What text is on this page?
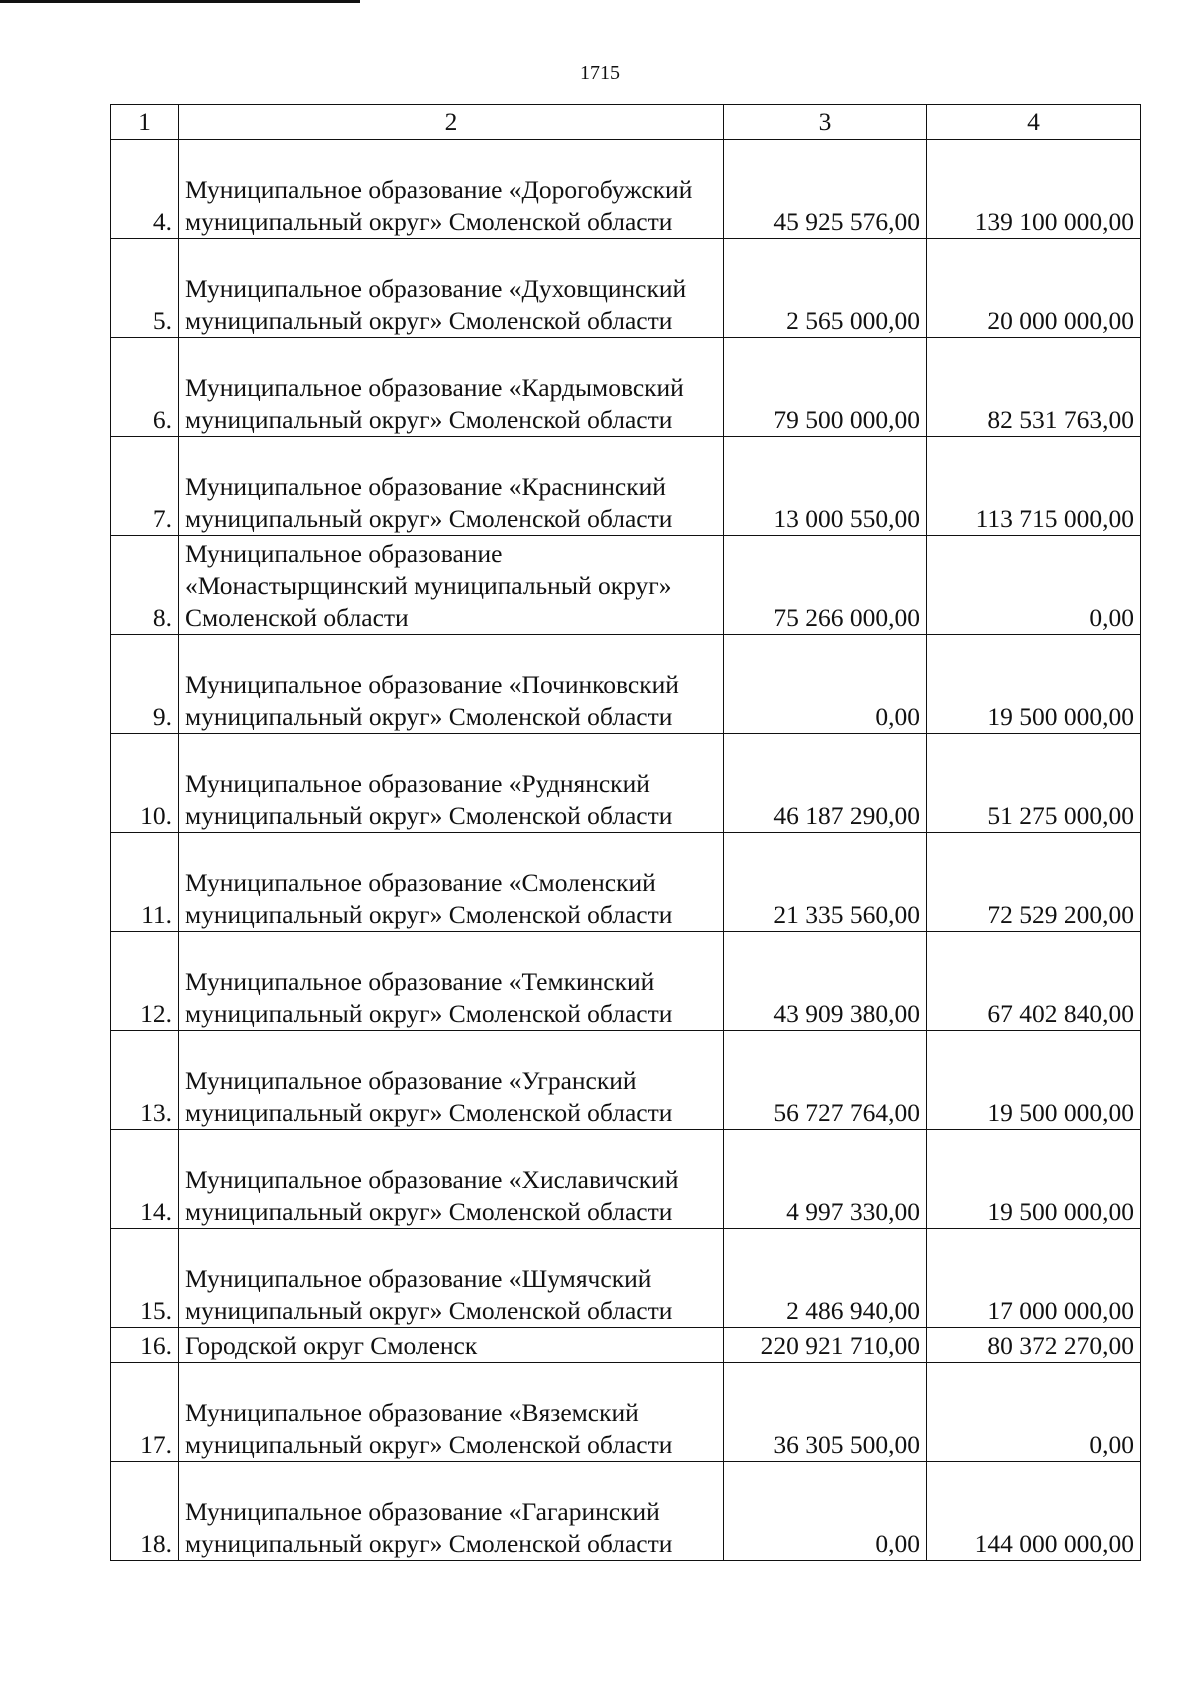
1715
1	2	3	4
4.	Муниципальное образование «Дорогобужский муниципальный округ» Смоленской области	45 925 576,00	139 100 000,00
5.	Муниципальное образование «Духовщинский муниципальный округ» Смоленской области	2 565 000,00	20 000 000,00
6.	Муниципальное образование «Кардымовский муниципальный округ» Смоленской области	79 500 000,00	82 531 763,00
7.	Муниципальное образование «Краснинский муниципальный округ» Смоленской области	13 000 550,00	113 715 000,00
8.	Муниципальное образование «Монастырщинский муниципальный округ» Смоленской области	75 266 000,00	0,00
9.	Муниципальное образование «Починковский муниципальный округ» Смоленской области	0,00	19 500 000,00
10.	Муниципальное образование «Руднянский муниципальный округ» Смоленской области	46 187 290,00	51 275 000,00
11.	Муниципальное образование «Смоленский муниципальный округ» Смоленской области	21 335 560,00	72 529 200,00
12.	Муниципальное образование «Темкинский муниципальный округ» Смоленской области	43 909 380,00	67 402 840,00
13.	Муниципальное образование «Угранский муниципальный округ» Смоленской области	56 727 764,00	19 500 000,00
14.	Муниципальное образование «Хиславичский муниципальный округ» Смоленской области	4 997 330,00	19 500 000,00
15.	Муниципальное образование «Шумячский муниципальный округ» Смоленской области	2 486 940,00	17 000 000,00
16.	Городской округ Смоленск	220 921 710,00	80 372 270,00
17.	Муниципальное образование «Вяземский муниципальный округ» Смоленской области	36 305 500,00	0,00
18.	Муниципальное образование «Гагаринский муниципальный округ» Смоленской области	0,00	144 000 000,00
